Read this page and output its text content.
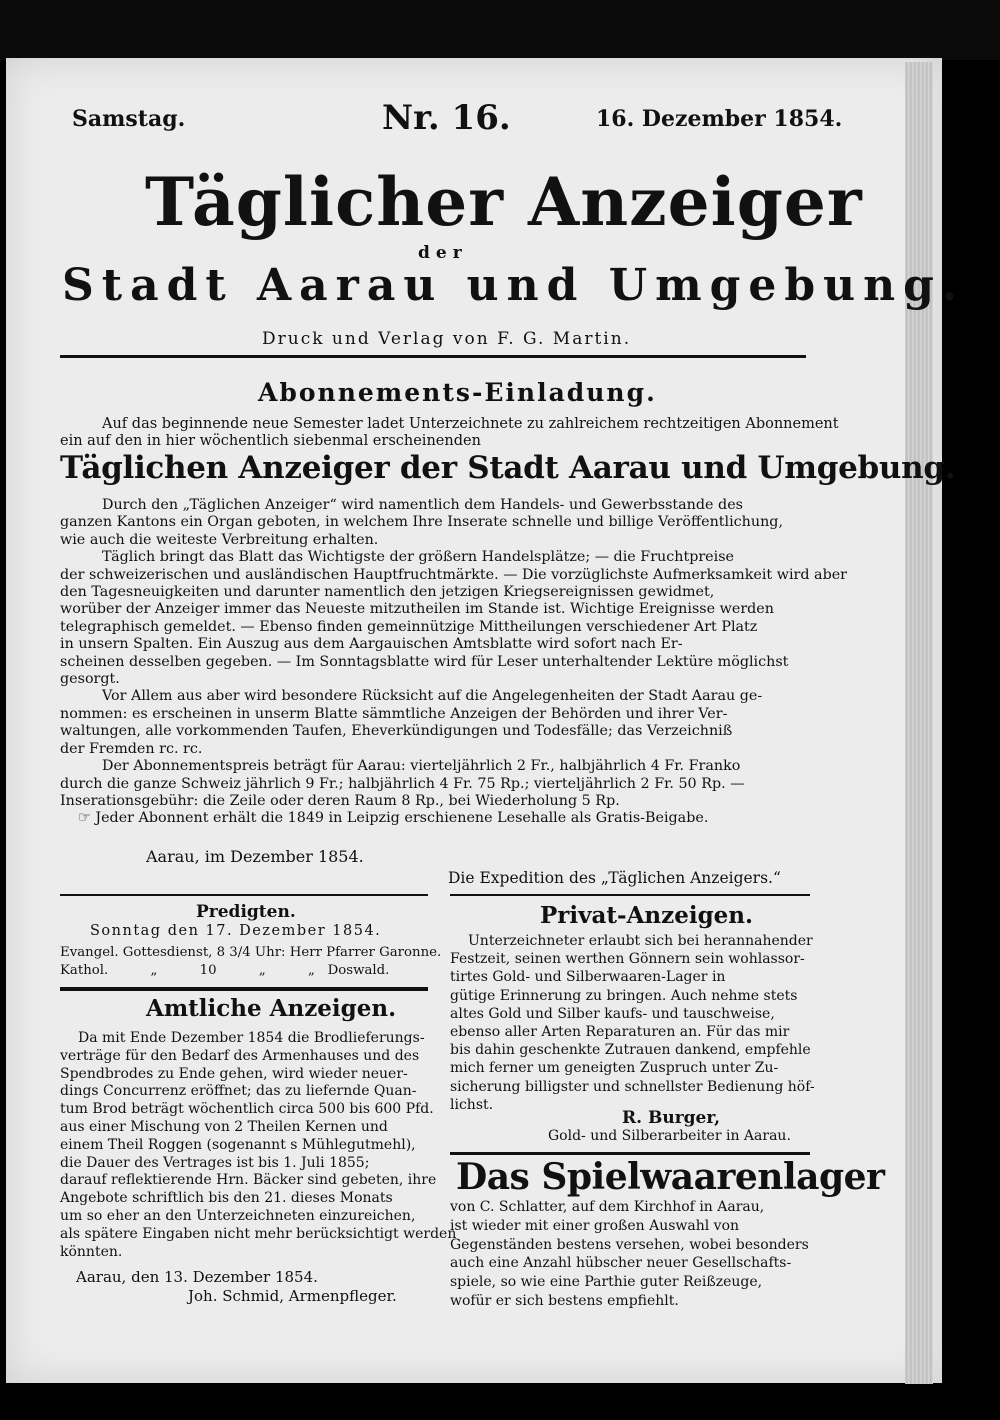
Samstag.	Nr. 16.	16. Dezember 1854.
Täglicher Anzeiger
der
Stadt Aarau und Umgebung.
Druck und Verlag von F. G. Martin.
Abonnements-Einladung.
Auf das beginnende neue Semester ladet Unterzeichnete zu zahlreichem rechtzeitigen Abonnement
ein auf den in hier wöchentlich siebenmal erscheinenden
Täglichen Anzeiger der Stadt Aarau und Umgebung.
Durch den „Täglichen Anzeiger“ wird namentlich dem Handels- und Gewerbsstande des
ganzen Kantons ein Organ geboten, in welchem Ihre Inserate schnelle und billige Veröffentlichung,
wie auch die weiteste Verbreitung erhalten.
Täglich bringt das Blatt das Wichtigste der größern Handelsplätze; — die Fruchtpreise
der schweizerischen und ausländischen Hauptfruchtmärkte. — Die vorzüglichste Aufmerksamkeit wird aber
den Tagesneuigkeiten und darunter namentlich den jetzigen Kriegsereignissen gewidmet,
worüber der Anzeiger immer das Neueste mitzutheilen im Stande ist. Wichtige Ereignisse werden
telegraphisch gemeldet. — Ebenso finden gemeinnützige Mittheilungen verschiedener Art Platz
in unsern Spalten. Ein Auszug aus dem Aargauischen Amtsblatte wird sofort nach Er-
scheinen desselben gegeben. — Im Sonntagsblatte wird für Leser unterhaltender Lektüre möglichst
gesorgt.
Vor Allem aus aber wird besondere Rücksicht auf die Angelegenheiten der Stadt Aarau ge-
nommen: es erscheinen in unserm Blatte sämmtliche Anzeigen der Behörden und ihrer Ver-
waltungen, alle vorkommenden Taufen, Eheverkündigungen und Todesfälle; das Verzeichniß
der Fremden rc. rc.
Der Abonnementspreis beträgt für Aarau: vierteljährlich 2 Fr., halbjährlich 4 Fr. Franko
durch die ganze Schweiz jährlich 9 Fr.; halbjährlich 4 Fr. 75 Rp.; vierteljährlich 2 Fr. 50 Rp. —
Inserationsgebühr: die Zeile oder deren Raum 8 Rp., bei Wiederholung 5 Rp.
☞ Jeder Abonnent erhält die 1849 in Leipzig erschienene Lesehalle als Gratis-Beigabe.
Aarau, im Dezember 1854.
Die Expedition des „Täglichen Anzeigers.“
Predigten.
Sonntag den 17. Dezember 1854.
Evangel. Gottesdienst, 8 3/4 Uhr: Herr Pfarrer Garonne.
Kathol.          „          10          „          „   Doswald.
Amtliche Anzeigen.
Da mit Ende Dezember 1854 die Brodlieferungs-
verträge für den Bedarf des Armenhauses und des
Spendbrodes zu Ende gehen, wird wieder neuer-
dings Concurrenz eröffnet; das zu liefernde Quan-
tum Brod beträgt wöchentlich circa 500 bis 600 Pfd.
aus einer Mischung von 2 Theilen Kernen und
einem Theil Roggen (sogenannt s Mühlegutmehl),
die Dauer des Vertrages ist bis 1. Juli 1855;
darauf reflektierende Hrn. Bäcker sind gebeten, ihre
Angebote schriftlich bis den 21. dieses Monats
um so eher an den Unterzeichneten einzureichen,
als spätere Eingaben nicht mehr berücksichtigt werden
könnten.
Aarau, den 13. Dezember 1854.
Joh. Schmid, Armenpfleger.
Privat-Anzeigen.
Unterzeichneter erlaubt sich bei herannahender
Festzeit, seinen werthen Gönnern sein wohlassor-
tirtes Gold- und Silberwaaren-Lager in
gütige Erinnerung zu bringen. Auch nehme stets
altes Gold und Silber kaufs- und tauschweise,
ebenso aller Arten Reparaturen an. Für das mir
bis dahin geschenkte Zutrauen dankend, empfehle
mich ferner um geneigten Zuspruch unter Zu-
sicherung billigster und schnellster Bedienung höf-
lichst.
R. Burger,
Gold- und Silberarbeiter in Aarau.
Das Spielwaarenlager
von C. Schlatter, auf dem Kirchhof in Aarau,
ist wieder mit einer großen Auswahl von
Gegenständen bestens versehen, wobei besonders
auch eine Anzahl hübscher neuer Gesellschafts-
spiele, so wie eine Parthie guter Reißzeuge,
wofür er sich bestens empfiehlt.
